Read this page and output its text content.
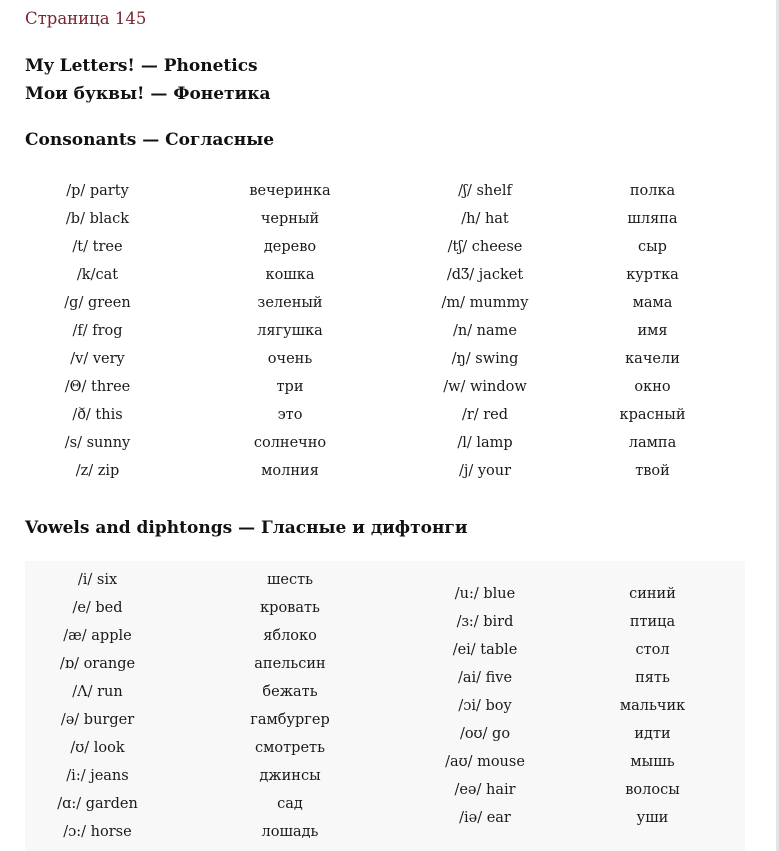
Страница 145
My Letters! — Phonetics
Мои буквы! — Фонетика
Consonants — Согласные
/p/ party
/b/ black
/t/ tree
/k/cat
/g/ green
/f/ frog
/v/ very
/Θ/ three
/ð/ this
/s/ sunny
/z/ zip
вечеринка
черный
дерево
кошка
зеленый
лягушка
очень
три
это
солнечно
молния
/ʃ/ shelf
/h/ hat
/tʃ/ cheese
/dӠ/ jacket
/m/ mummy
/n/ name
/ŋ/ swing
/w/ window
/r/ red
/l/ lamp
/j/ your
полка
шляпа
сыр
куртка
мама
имя
качели
окно
красный
лампа
твой
Vowels and diphtongs — Гласные и дифтонги
/i/ six
/e/ bed
/æ/ apple
/ɒ/ orange
/Λ/ run
/ə/ burger
/ʊ/ look
/i:/ jeans
/ɑ:/ garden
/ɔ:/ horse
шесть
кровать
яблоко
апельсин
бежать
гамбургер
смотреть
джинсы
сад
лошадь
/u:/ blue
/ɜ:/ bird
/ei/ table
/ai/ five
/ɔi/ boy
/oʊ/ go
/aʊ/ mouse
/eə/ hair
/iə/ ear
синий
птица
стол
пять
мальчик
идти
мышь
волосы
уши
